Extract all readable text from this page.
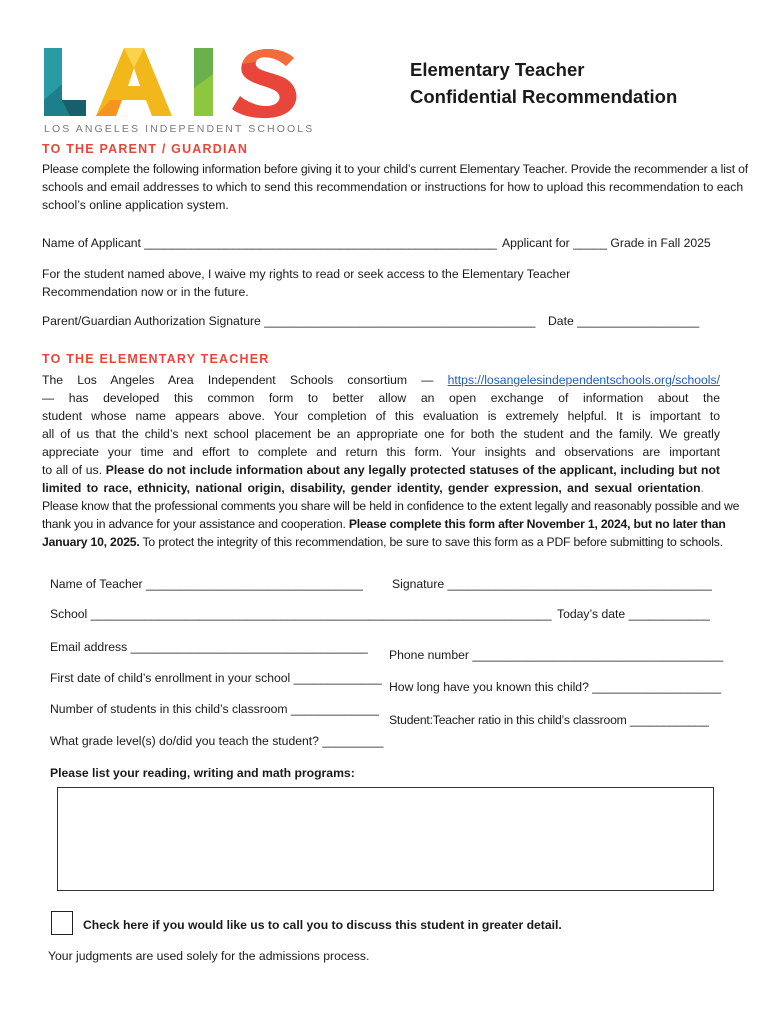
LOS ANGELES INDEPENDENT SCHOOLS
Elementary Teacher
Confidential Recommendation
TO THE PARENT / GUARDIAN
Please complete the following information before giving it to your child’s current Elementary Teacher. Provide the recommender a list of
schools and email addresses to which to send this recommendation or instructions for how to upload this recommendation to each
school’s online application system.
Name of Applicant ____________________________________________________ Applicant for _____ Grade in Fall 2025
For the student named above, I waive my rights to read or seek access to the Elementary Teacher
Recommendation now or in the future.
Parent/Guardian Authorization Signature ________________________________________ Date __________________
TO THE ELEMENTARY TEACHER
The Los Angeles Area Independent Schools consortium — https://losangelesindependentschools.org/schools/
— has developed this common form to better allow an open exchange of information about the
student whose name appears above. Your completion of this evaluation is extremely helpful. It is important to
all of us that the child’s next school placement be an appropriate one for both the student and the family. We greatly
appreciate your time and effort to complete and return this form. Your insights and observations are important
to all of us. Please do not include information about any legally protected statuses of the applicant, including but not
limited to race, ethnicity, national origin, disability, gender identity, gender expression, and sexual orientation.
Please know that the professional comments you share will be held in confidence to the extent legally and reasonably possible and we
thank you in advance for your assistance and cooperation. Please complete this form after November 1, 2024, but no later than
January 10, 2025. To protect the integrity of this recommendation, be sure to save this form as a PDF before submitting to schools.
Name of Teacher ________________________________ Signature _______________________________________
School ____________________________________________________________________ Today’s date ____________
Email address ___________________________________
Phone number _____________________________________
First date of child’s enrollment in your school _____________
How long have you known this child? ___________________
Number of students in this child’s classroom _____________
Student:Teacher ratio in this child’s classroom ____________
What grade level(s) do/did you teach the student? _________
Please list your reading, writing and math programs:
Check here if you would like us to call you to discuss this student in greater detail.
Your judgments are used solely for the admissions process.
